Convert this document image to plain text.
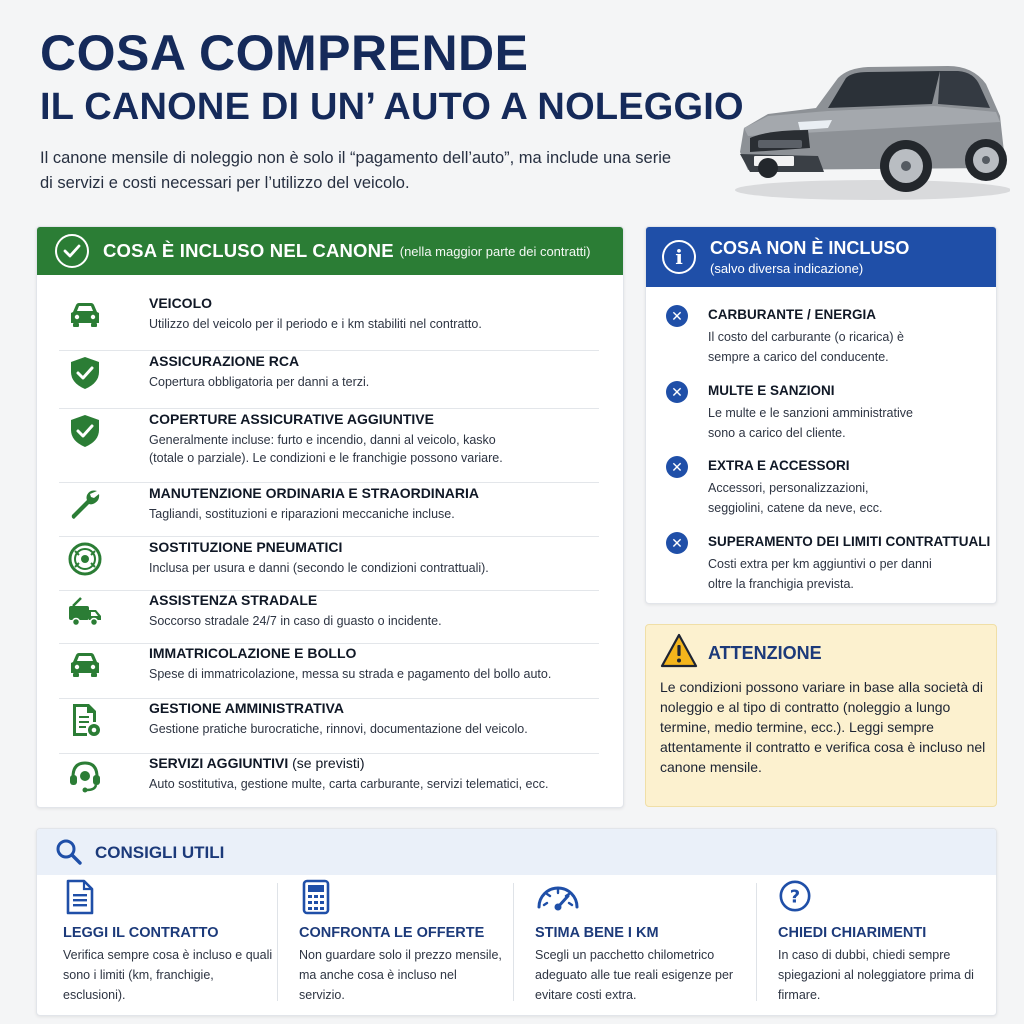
COSA COMPRENDE
IL CANONE DI UN’ AUTO A NOLEGGIO
Il canone mensile di noleggio non è solo il “pagamento dell’auto”, ma include una serie di servizi e costi necessari per l’utilizzo del veicolo.
COSA È INCLUSO NEL CANONE (nella maggior parte dei contratti)
VEICOLO
Utilizzo del veicolo per il periodo e i km stabiliti nel contratto.
ASSICURAZIONE RCA
Copertura obbligatoria per danni a terzi.
COPERTURE ASSICURATIVE AGGIUNTIVE
Generalmente incluse: furto e incendio, danni al veicolo, kasko (totale o parziale). Le condizioni e le franchigie possono variare.
MANUTENZIONE ORDINARIA E STRAORDINARIA
Tagliandi, sostituzioni e riparazioni meccaniche incluse.
SOSTITUZIONE PNEUMATICI
Inclusa per usura e danni (secondo le condizioni contrattuali).
ASSISTENZA STRADALE
Soccorso stradale 24/7 in caso di guasto o incidente.
IMMATRICOLAZIONE E BOLLO
Spese di immatricolazione, messa su strada e pagamento del bollo auto.
GESTIONE AMMINISTRATIVA
Gestione pratiche burocratiche, rinnovi, documentazione del veicolo.
SERVIZI AGGIUNTIVI (se previsti)
Auto sostitutiva, gestione multe, carta carburante, servizi telematici, ecc.
i	COSA NON È INCLUSO
(salvo diversa indicazione)
✕	CARBURANTE / ENERGIA
Il costo del carburante (o ricarica) è sempre a carico del conducente.
✕	MULTE E SANZIONI
Le multe e le sanzioni amministrative sono a carico del cliente.
✕	EXTRA E ACCESSORI
Accessori, personalizzazioni, seggiolini, catene da neve, ecc.
✕	SUPERAMENTO DEI LIMITI CONTRATTUALI
Costi extra per km aggiuntivi o per danni oltre la franchigia prevista.
ATTENZIONE
Le condizioni possono variare in base alla società di noleggio e al tipo di contratto (noleggio a lungo termine, medio termine, ecc.). Leggi sempre attentamente il contratto e verifica cosa è incluso nel canone mensile.
CONSIGLI UTILI
LEGGI IL CONTRATTO
Verifica sempre cosa è incluso e quali sono i limiti (km, franchigie, esclusioni).
CONFRONTA LE OFFERTE
Non guardare solo il prezzo mensile, ma anche cosa è incluso nel servizio.
STIMA BENE I KM
Scegli un pacchetto chilometrico adeguato alle tue reali esigenze per evitare costi extra.
?
CHIEDI CHIARIMENTI
In caso di dubbi, chiedi sempre spiegazioni al noleggiatore prima di firmare.
